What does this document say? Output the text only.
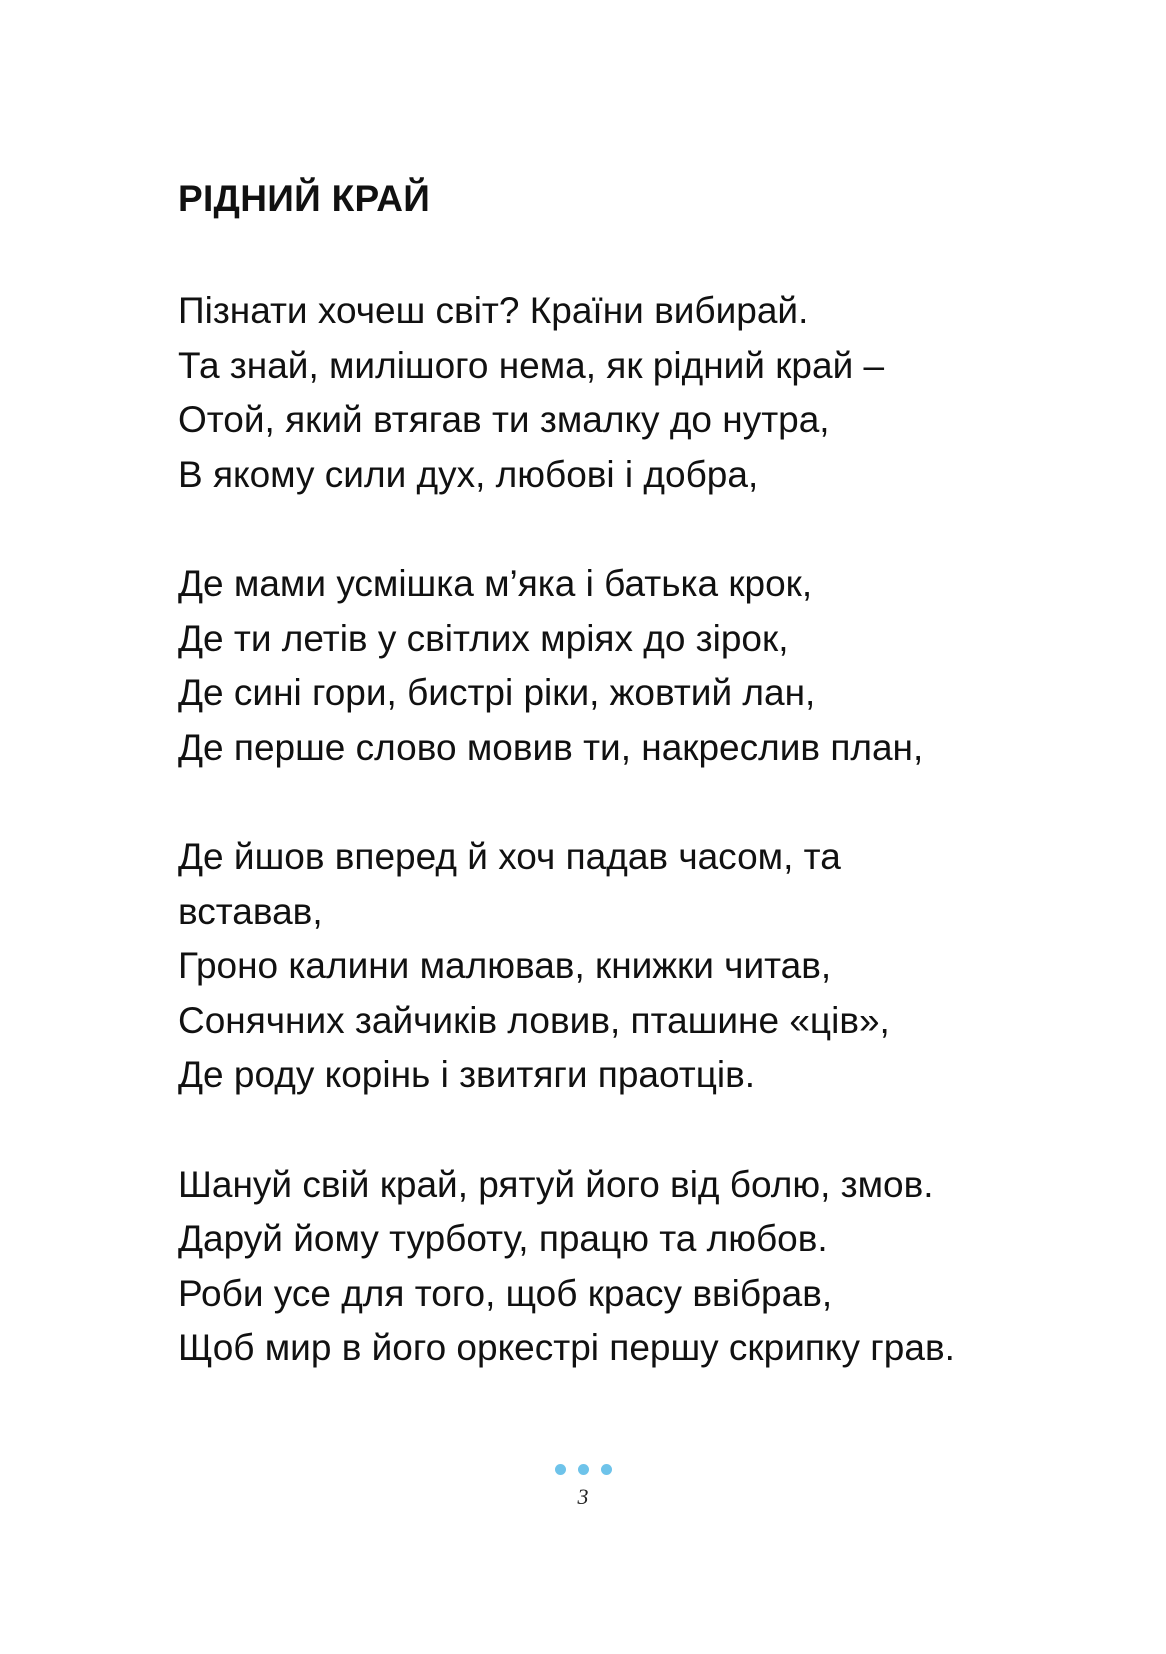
РІДНИЙ КРАЙ
Пізнати хочеш світ? Країни вибирай.
Та знай, милішого нема, як рідний край –
Отой, який втягав ти змалку до нутра,
В якому сили дух, любові і добра,
Де мами усмішка м’яка і батька крок,
Де ти летів у світлих мріях до зірок,
Де сині гори, бистрі ріки, жовтий лан,
Де перше слово мовив ти, накреслив план,
Де йшов вперед й хоч падав часом, та
вставав,
Гроно калини малював, книжки читав,
Сонячних зайчиків ловив, пташине «ців»,
Де роду корінь і звитяги праотців.
Шануй свій край, рятуй його від болю, змов.
Даруй йому турботу, працю та любов.
Роби усе для того, щоб красу ввібрав,
Щоб мир в його оркестрі першу скрипку грав.
3
